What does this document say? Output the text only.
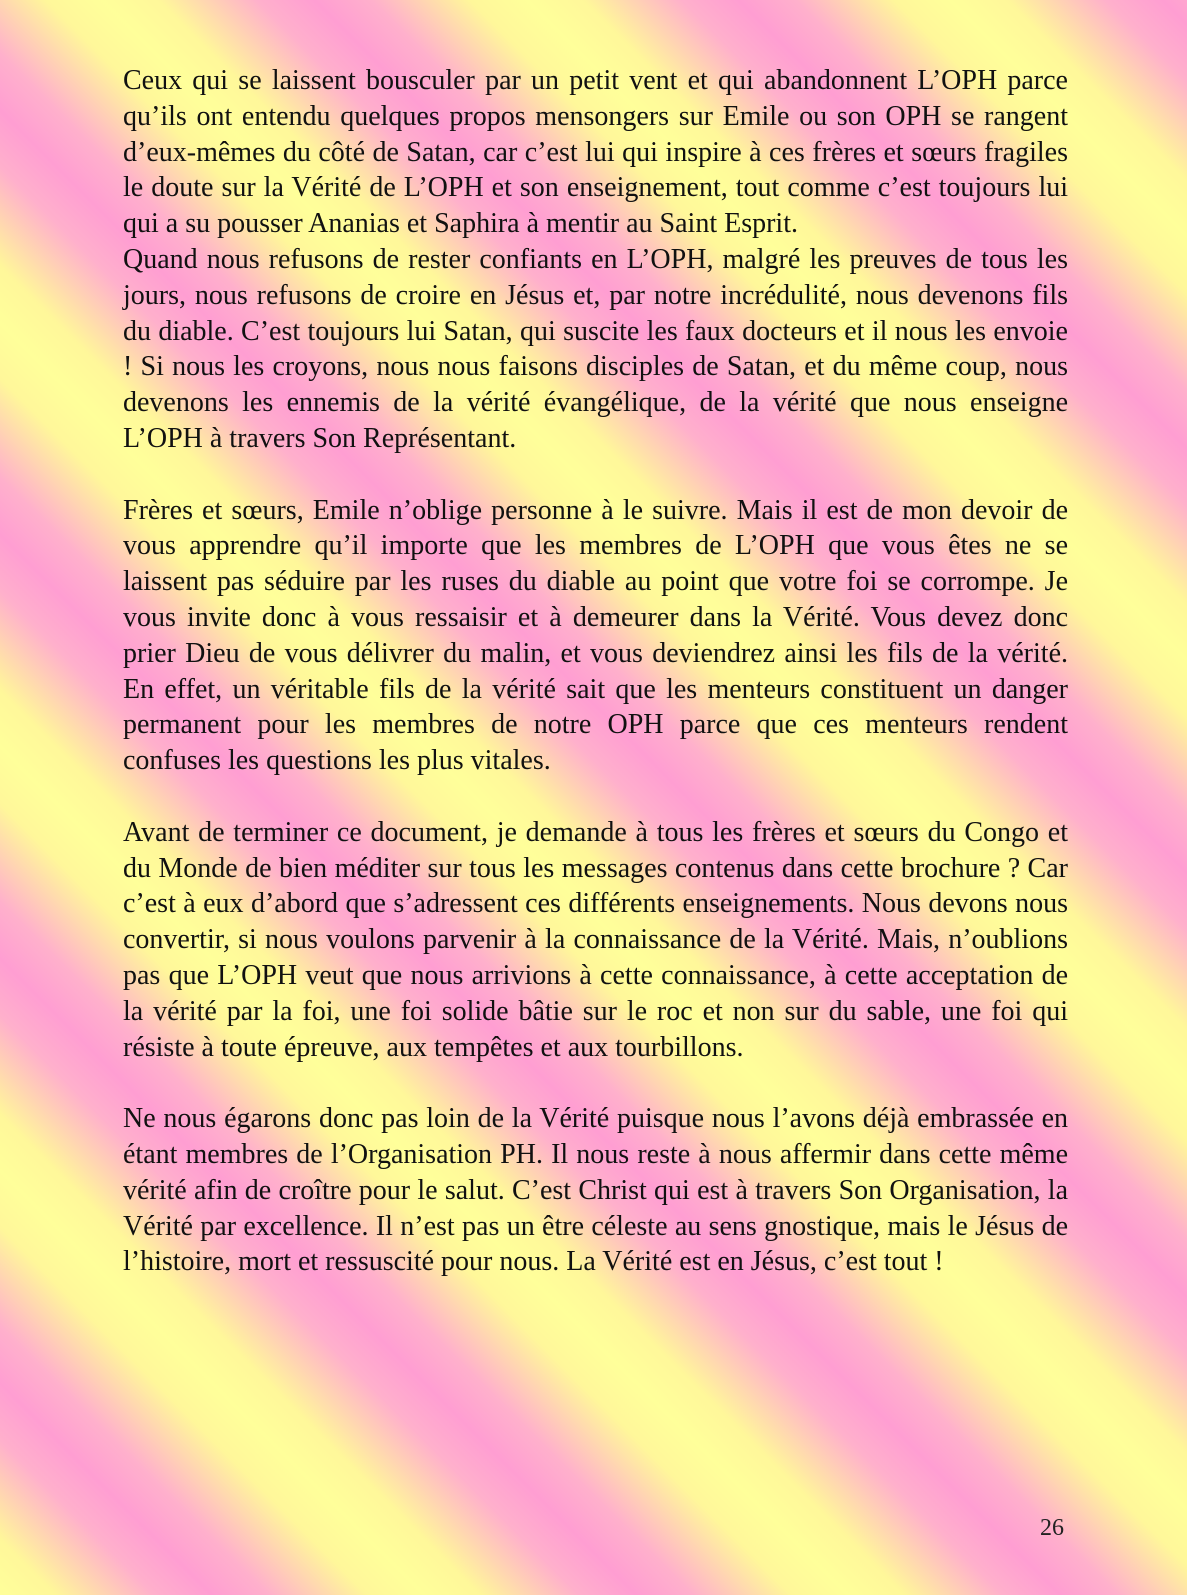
Ceux qui se laissent bousculer par un petit vent et qui abandonnent L’OPH parce qu’ils ont entendu quelques propos mensongers sur Emile ou son OPH se rangent d’eux-mêmes du côté de Satan, car c’est lui qui inspire à ces frères et sœurs fragiles le doute sur la Vérité de L’OPH et son enseignement, tout comme c’est toujours lui qui a su pousser Ananias et Saphira à mentir au Saint Esprit.
Quand nous refusons de rester confiants en L’OPH, malgré les preuves de tous les jours, nous refusons de croire en Jésus et, par notre incrédulité, nous devenons fils du diable. C’est toujours lui Satan, qui suscite les faux docteurs et il nous les envoie ! Si nous les croyons, nous nous faisons disciples de Satan, et du même coup, nous devenons les ennemis de la vérité évangélique, de la vérité que nous enseigne L’OPH à travers Son Représentant.

Frères et sœurs, Emile n’oblige personne à le suivre. Mais il est de mon devoir de vous apprendre qu’il importe que les membres de L’OPH que vous êtes ne se laissent pas séduire par les ruses du diable au point que votre foi se corrompe. Je vous invite donc à vous ressaisir et à demeurer dans la Vérité. Vous devez donc prier Dieu de vous délivrer du malin, et vous deviendrez ainsi les fils de la vérité. En effet, un véritable fils de la vérité sait que les menteurs constituent un danger permanent pour les membres de notre OPH parce que ces menteurs rendent confuses les questions les plus vitales.

Avant de terminer ce document, je demande à tous les frères et sœurs du Congo et du Monde de bien méditer sur tous les messages contenus dans cette brochure ? Car c’est à eux d’abord que s’adressent ces différents enseignements. Nous devons nous convertir, si nous voulons parvenir à la connaissance de la Vérité. Mais, n’oublions pas que L’OPH veut que nous arrivions à cette connaissance, à cette acceptation de la vérité par la foi, une foi solide bâtie sur le roc et non sur du sable, une foi qui résiste à toute épreuve, aux tempêtes et aux tourbillons.

Ne nous égarons donc pas loin de la Vérité puisque nous l’avons déjà embrassée en étant membres de l’Organisation PH. Il nous reste à nous affermir dans cette même vérité afin de croître pour le salut. C’est Christ qui est à travers Son Organisation, la Vérité par excellence. Il n’est pas un être céleste au sens gnostique, mais le Jésus de l’histoire, mort et ressuscité pour nous. La Vérité est en Jésus, c’est tout !

26
